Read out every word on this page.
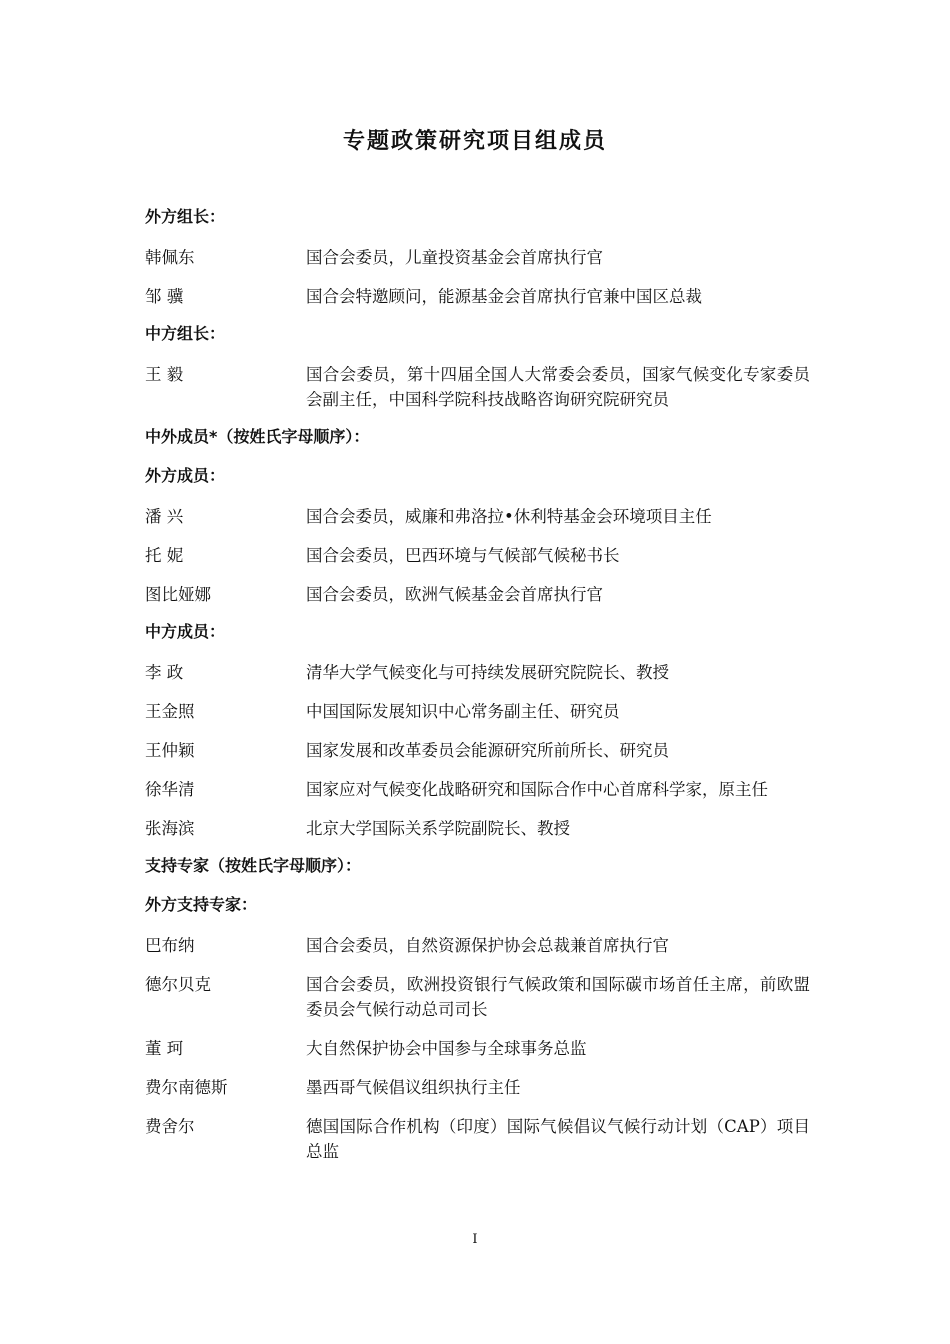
专题政策研究项目组成员
外方组长：
韩佩东	国合会委员，儿童投资基金会首席执行官
邹 骥	国合会特邀顾问，能源基金会首席执行官兼中国区总裁
中方组长：
王 毅	国合会委员，第十四届全国人大常委会委员，国家气候变化专家委员会副主任，中国科学院科技战略咨询研究院研究员
中外成员*（按姓氏字母顺序）：
外方成员：
潘 兴	国合会委员，威廉和弗洛拉•休利特基金会环境项目主任
托 妮	国合会委员，巴西环境与气候部气候秘书长
图比娅娜	国合会委员，欧洲气候基金会首席执行官
中方成员：
李 政	清华大学气候变化与可持续发展研究院院长、教授
王金照	中国国际发展知识中心常务副主任、研究员
王仲颖	国家发展和改革委员会能源研究所前所长、研究员
徐华清	国家应对气候变化战略研究和国际合作中心首席科学家，原主任
张海滨	北京大学国际关系学院副院长、教授
支持专家（按姓氏字母顺序）：
外方支持专家：
巴布纳	国合会委员，自然资源保护协会总裁兼首席执行官
德尔贝克	国合会委员，欧洲投资银行气候政策和国际碳市场首任主席，前欧盟委员会气候行动总司司长
董 珂	大自然保护协会中国参与全球事务总监
费尔南德斯	墨西哥气候倡议组织执行主任
费舍尔	德国国际合作机构（印度）国际气候倡议气候行动计划（CAP）项目总监
I
